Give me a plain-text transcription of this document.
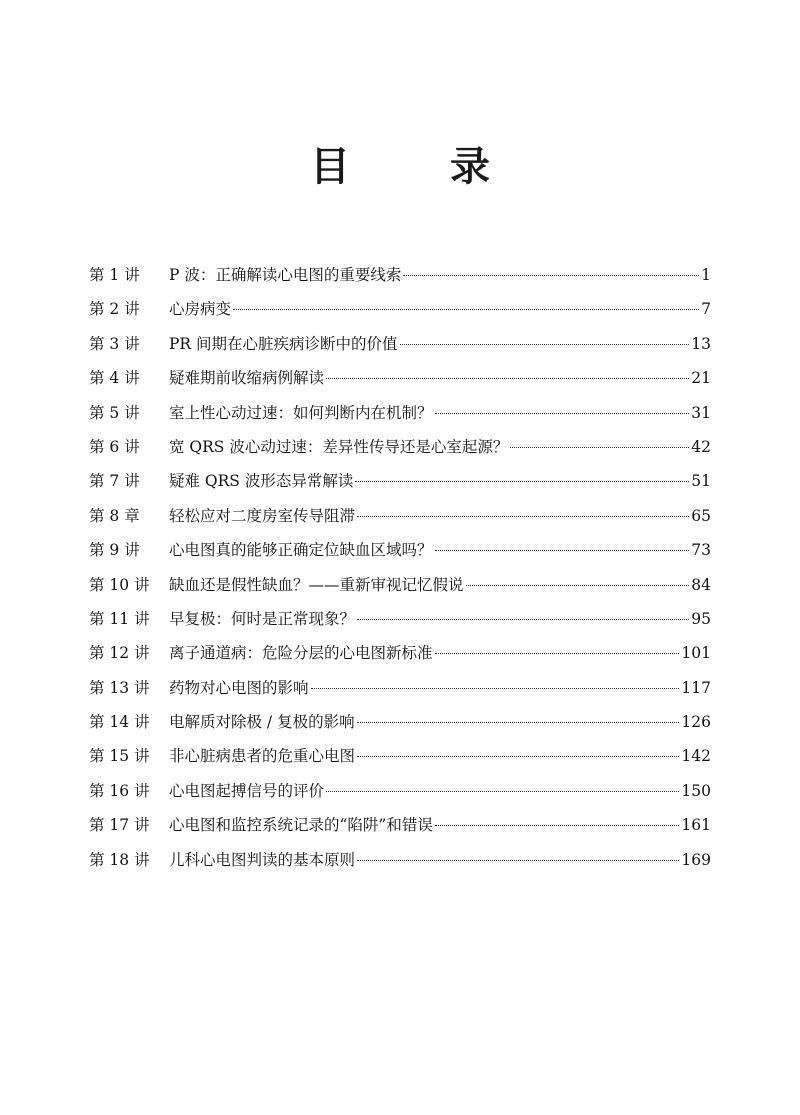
目　录
第 1 讲	P 波：正确解读心电图的重要线索	1
第 2 讲	心房病变	7
第 3 讲	PR 间期在心脏疾病诊断中的价值	13
第 4 讲	疑难期前收缩病例解读	21
第 5 讲	室上性心动过速：如何判断内在机制？	31
第 6 讲	宽 QRS 波心动过速：差异性传导还是心室起源？	42
第 7 讲	疑难 QRS 波形态异常解读	51
第 8 章	轻松应对二度房室传导阻滞	65
第 9 讲	心电图真的能够正确定位缺血区域吗？	73
第 10 讲	缺血还是假性缺血？——重新审视记忆假说	84
第 11 讲	早复极：何时是正常现象？	95
第 12 讲	离子通道病：危险分层的心电图新标准	101
第 13 讲	药物对心电图的影响	117
第 14 讲	电解质对除极 / 复极的影响	126
第 15 讲	非心脏病患者的危重心电图	142
第 16 讲	心电图起搏信号的评价	150
第 17 讲	心电图和监控系统记录的“陷阱”和错误	161
第 18 讲	儿科心电图判读的基本原则	169
